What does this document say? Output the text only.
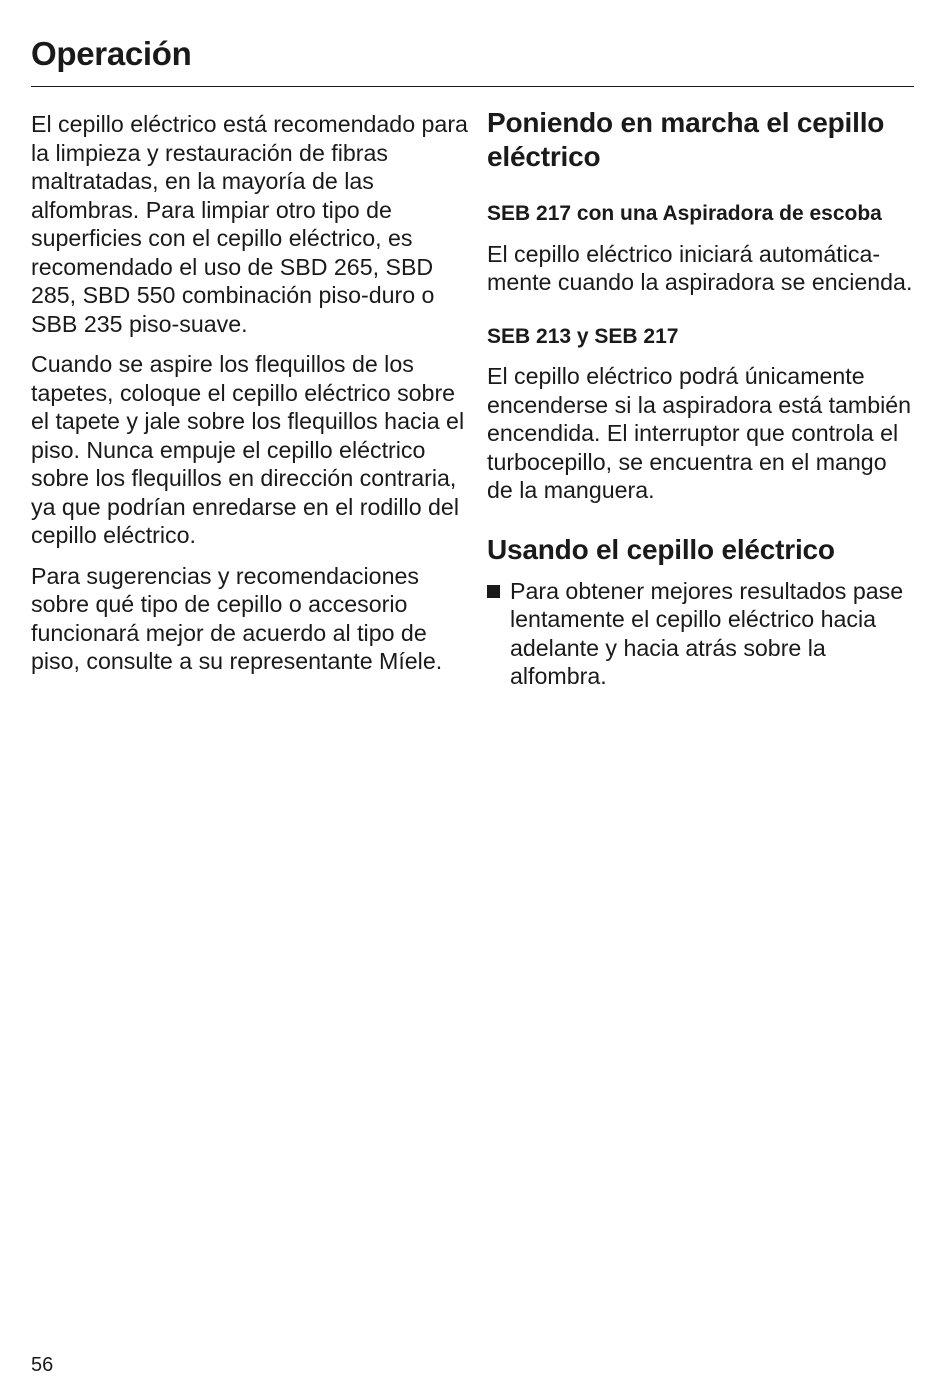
Operación

El cepillo eléctrico está recomendado para la limpieza y restauración de fibras maltratadas, en la mayoría de las alfombras. Para limpiar otro tipo de superficies con el cepillo eléctrico, es recomendado el uso de SBD 265, SBD 285, SBD 550 combinación piso-duro o SBB 235 piso-suave.

Cuando se aspire los flequillos de los tapetes, coloque el cepillo eléctrico sobre el tapete y jale sobre los flequillos hacia el piso. Nunca empuje el cepillo eléctrico sobre los flequillos en dirección contraria, ya que podrían enredarse en el rodillo del cepillo eléctrico.

Para sugerencias y recomendaciones sobre qué tipo de cepillo o accesorio funcionará mejor de acuerdo al tipo de piso, consulte a su representante Míele.

Poniendo en marcha el cepillo eléctrico
SEB 217 con una Aspiradora de escoba

El cepillo eléctrico iniciará automática-mente cuando la aspiradora se encienda.

SEB 213 y SEB 217

El cepillo eléctrico podrá únicamente encenderse si la aspiradora está también encendida. El interruptor que controla el turbocepillo, se encuentra en el mango de la manguera.

Usando el cepillo eléctrico
Para obtener mejores resultados pase lentamente el cepillo eléctrico hacia adelante y hacia atrás sobre la alfombra.
56
